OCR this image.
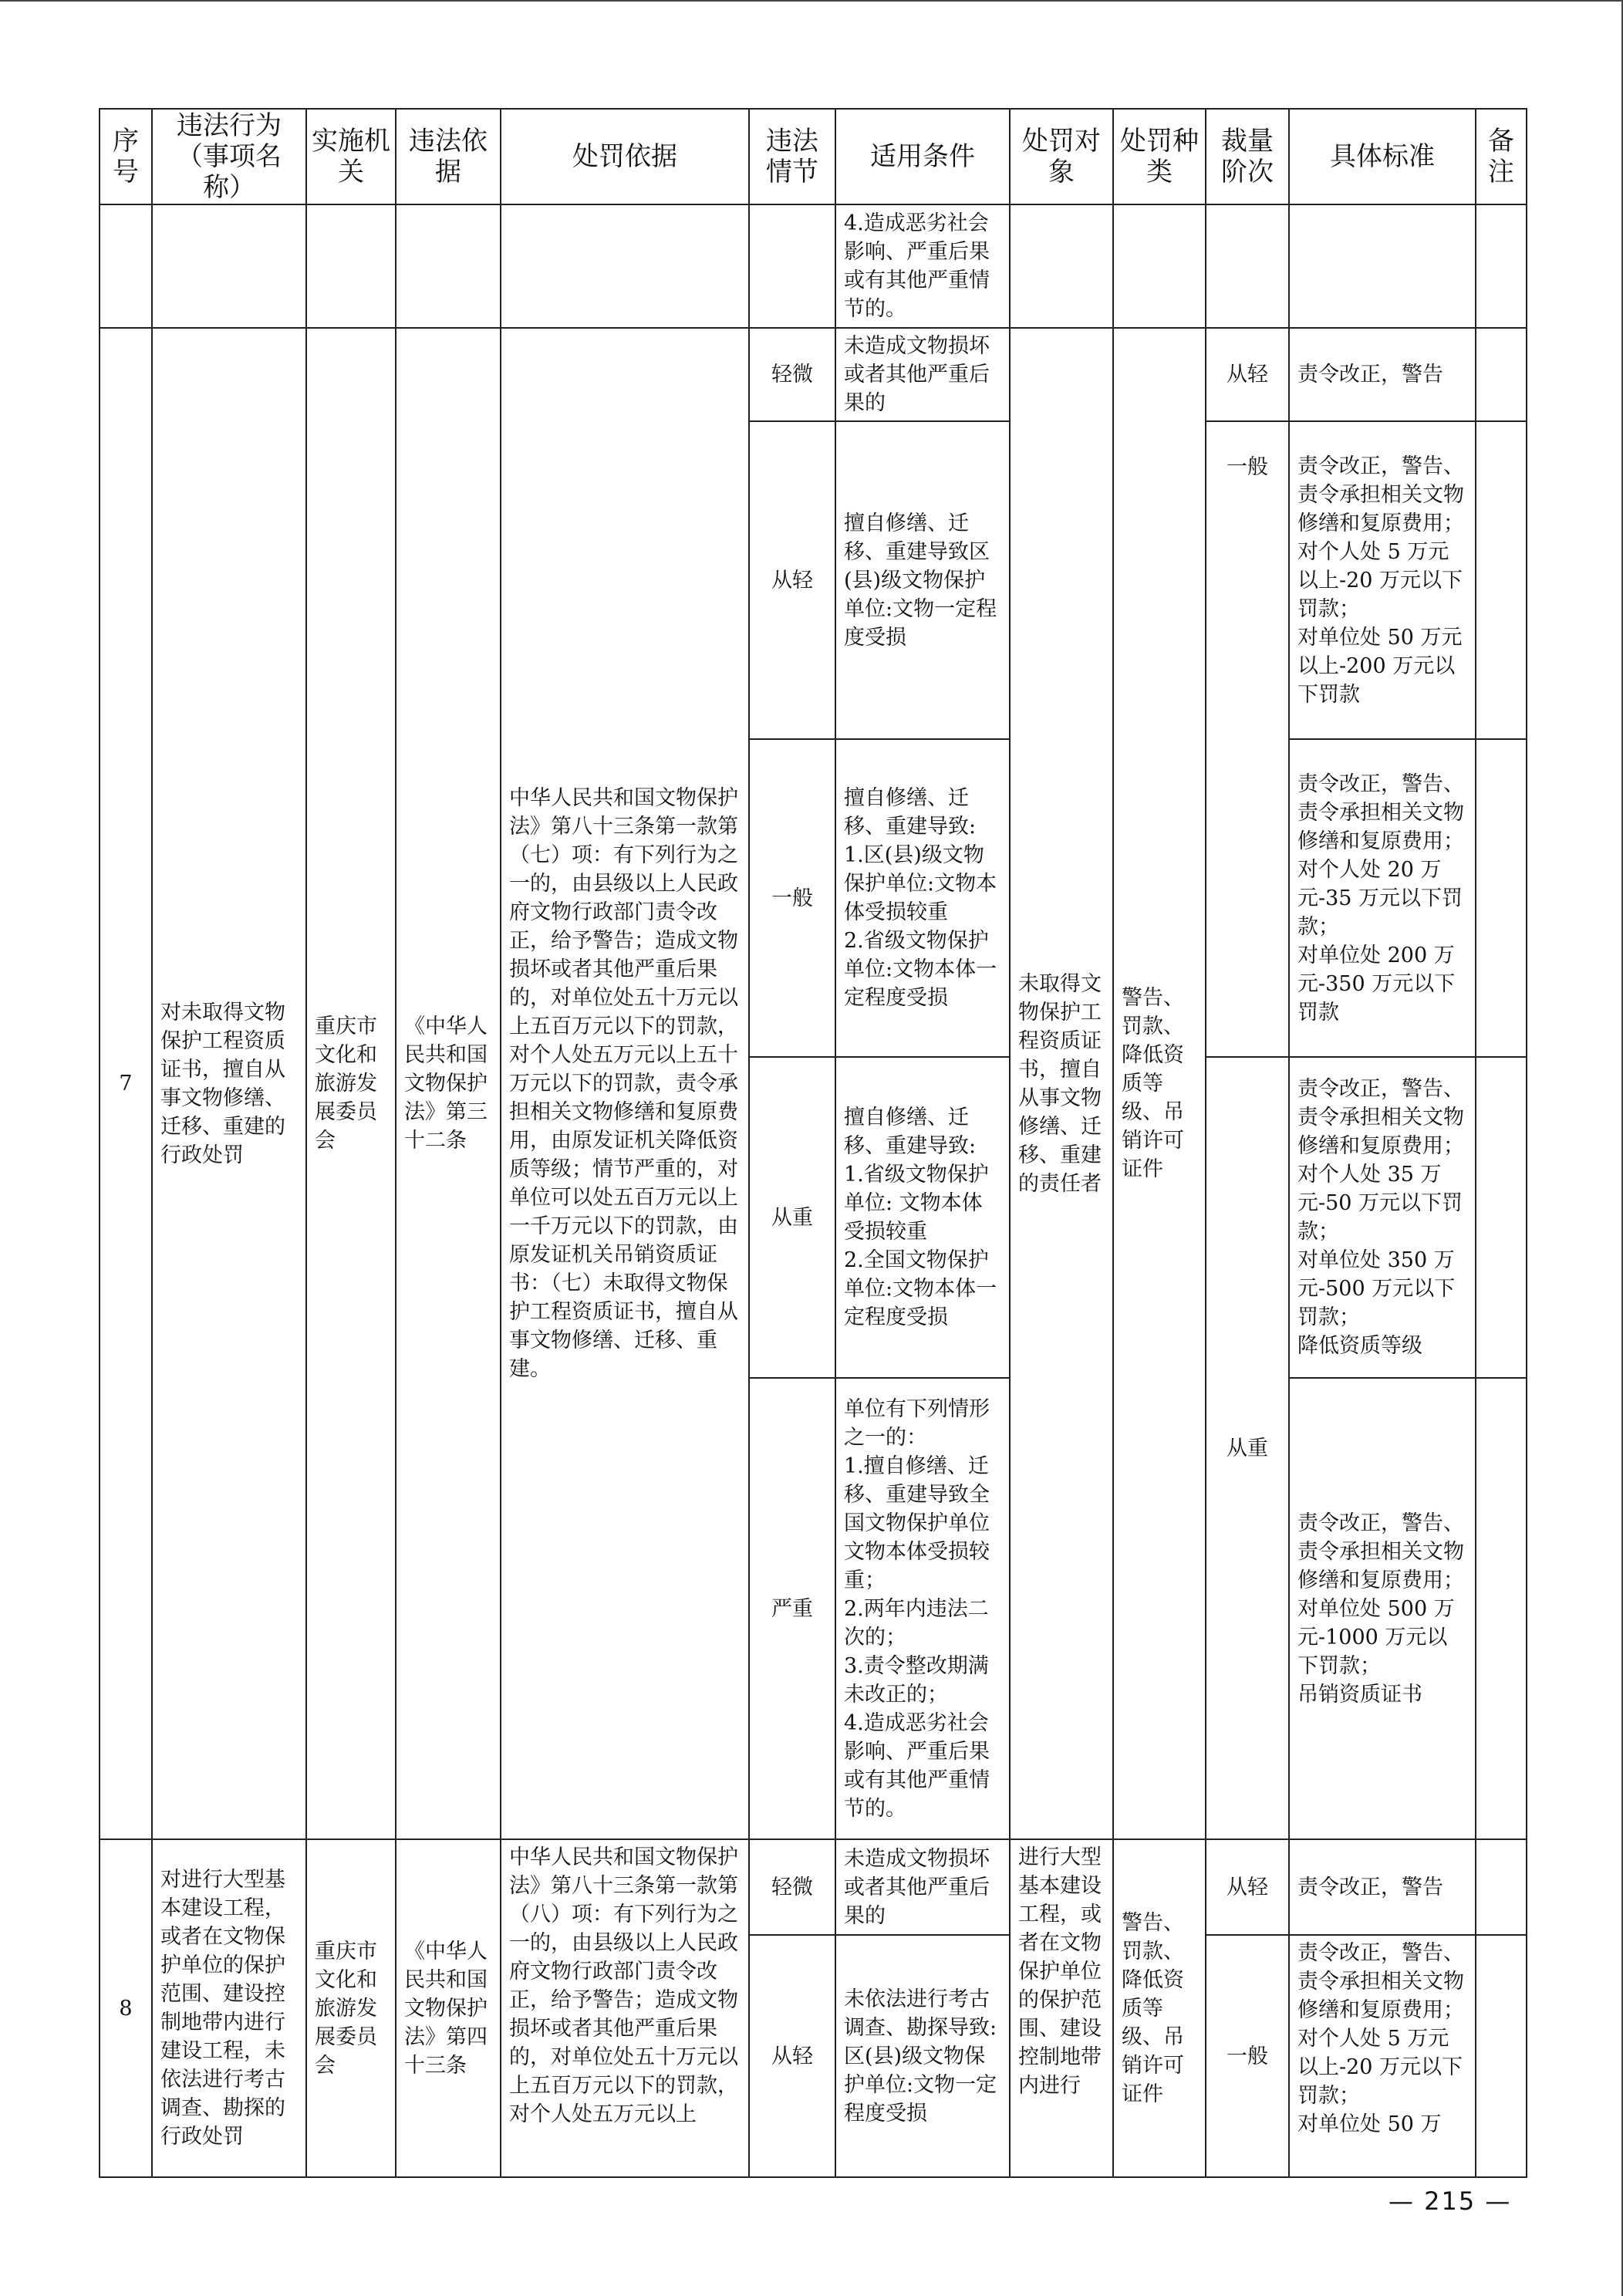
序号	违法行为（事项名称）	实施机关	违法依据	处罚依据	违法情节	适用条件	处罚对象	处罚种类	裁量阶次	具体标准	备注
						4.造成恶劣社会影响、严重后果或有其他严重情节的。					
7	对未取得文物保护工程资质证书，擅自从事文物修缮、迁移、重建的行政处罚	重庆市文化和旅游发展委员会	《中华人民共和国文物保护法》第三十二条	中华人民共和国文物保护法》第八十三条第一款第（七）项：有下列行为之一的，由县级以上人民政府文物行政部门责令改正，给予警告；造成文物损坏或者其他严重后果的，对单位处五十万元以上五百万元以下的罚款，对个人处五万元以上五十万元以下的罚款，责令承担相关文物修缮和复原费用，由原发证机关降低资质等级；情节严重的，对单位可以处五百万元以上一千万元以下的罚款，由原发证机关吊销资质证书：（七）未取得文物保护工程资质证书，擅自从事文物修缮、迁移、重建。	轻微	未造成文物损坏或者其他严重后果的	未取得文物保护工程资质证书，擅自从事文物修缮、迁移、重建的责任者	警告、罚款、降低资质等级、吊销许可证件	从轻	责令改正，警告	
					从轻	擅自修缮、迁移、重建导致区(县)级文物保护单位:文物一定程度受损			一般	责令改正，警告、责令承担相关文物修缮和复原费用；
对个人处 5 万元以上-20 万元以下罚款；
对单位处 50 万元以上-200 万元以下罚款	
					一般	擅自修缮、迁移、重建导致:
1.区(县)级文物保护单位:文物本体受损较重
2.省级文物保护单位:文物本体一定程度受损				责令改正，警告、责令承担相关文物修缮和复原费用；
对个人处 20 万元-35 万元以下罚款；
对单位处 200 万元-350 万元以下罚款	
					从重	擅自修缮、迁移、重建导致:
1.省级文物保护单位: 文物本体受损较重
2.全国文物保护单位:文物本体一定程度受损			从重	责令改正，警告、责令承担相关文物修缮和复原费用；
对个人处 35 万元-50 万元以下罚款；
对单位处 350 万元-500 万元以下罚款；
降低资质等级	
					严重	单位有下列情形之一的：
1.擅自修缮、迁移、重建导致全国文物保护单位文物本体受损较重；
2.两年内违法二次的；
3.责令整改期满未改正的；
4.造成恶劣社会影响、严重后果或有其他严重情节的。				责令改正，警告、责令承担相关文物修缮和复原费用；
对单位处 500 万元-1000 万元以下罚款；
吊销资质证书	
8	对进行大型基本建设工程，或者在文物保护单位的保护范围、建设控制地带内进行建设工程，未依法进行考古调查、勘探的行政处罚	重庆市文化和旅游发展委员会	《中华人民共和国文物保护法》第四十三条	中华人民共和国文物保护法》第八十三条第一款第（八）项：有下列行为之一的，由县级以上人民政府文物行政部门责令改正，给予警告；造成文物损坏或者其他严重后果的，对单位处五十万元以上五百万元以下的罚款，对个人处五万元以上	轻微	未造成文物损坏或者其他严重后果的	进行大型基本建设工程，或者在文物保护单位的保护范围、建设控制地带内进行	警告、罚款、降低资质等级、吊销许可证件	从轻	责令改正，警告	
					从轻	未依法进行考古调查、勘探导致:
区(县)级文物保护单位:文物一定程度受损			一般	责令改正，警告、责令承担相关文物修缮和复原费用；
对个人处 5 万元以上-20 万元以下罚款；
对单位处 50 万	
— 215 —
